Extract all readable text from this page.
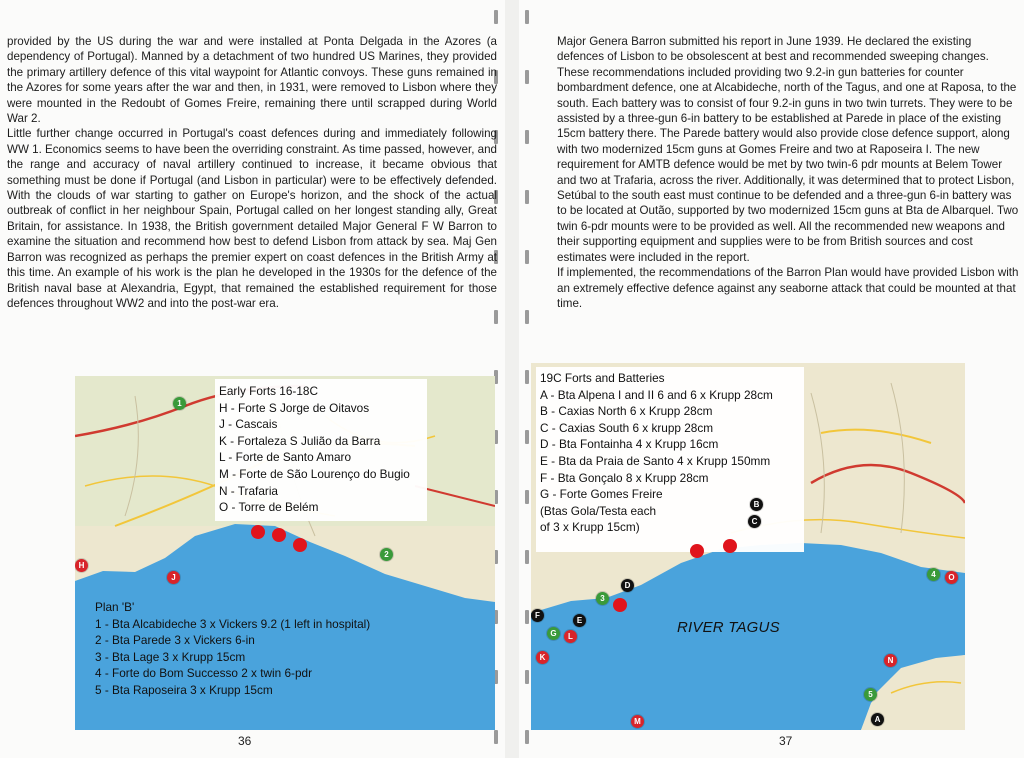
provided by the US during the war and were installed at Ponta Delgada in the Azores (a dependency of Portugal). Manned by a detachment of two hundred US Marines, they provided the primary artillery defence of this vital waypoint for Atlantic convoys. These guns remained in the Azores for some years after the war and then, in 1931, were removed to Lisbon where they were mounted in the Redoubt of Gomes Freire, remaining there until scrapped during World War 2.

Little further change occurred in Portugal's coast defences during and immediately following WW 1. Economics seems to have been the overriding constraint. As time passed, however, and the range and accuracy of naval artillery continued to increase, it became obvious that something must be done if Portugal (and Lisbon in particular) were to be effectively defended. With the clouds of war starting to gather on Europe's horizon, and the shock of the actual outbreak of conflict in her neighbour Spain, Portugal called on her longest standing ally, Great Britain, for assistance. In 1938, the British government detailed Major General F W Barron to examine the situation and recommend how best to defend Lisbon from attack by sea. Maj Gen Barron was recognized as perhaps the premier expert on coast defences in the British Army at this time. An example of his work is the plan he developed in the 1930s for the defence of the British naval base at Alexandria, Egypt, that remained the established requirement for those defences throughout WW2 and into the post-war era.

Early Forts 16-18C
H - Forte S Jorge de Oitavos
J - Cascais
K - Fortaleza S Julião da Barra
L - Forte de Santo Amaro
M - Forte de São Lourenço do Bugio
N - Trafaria
O - Torre de Belém
Plan 'B'
1 - Bta Alcabideche 3 x Vickers 9.2 (1 left in hospital)
2 - Bta Parede 3 x Vickers 6-in
3 - Bta Lage 3 x Krupp 15cm
4 - Forte do Bom Successo 2 x twin 6-pdr
5 - Bta Raposeira 3 x Krupp 15cm
1
2
H
J
36

Major Genera Barron submitted his report in June 1939. He declared the existing defences of Lisbon to be obsolescent at best and recommended sweeping changes. These recommendations included providing two 9.2-in gun batteries for counter bombardment defence, one at Alcabideche, north of the Tagus, and one at Raposa, to the south. Each battery was to consist of four 9.2-in guns in two twin turrets. They were to be assisted by a three-gun 6-in battery to be established at Parede in place of the existing 15cm battery there. The Parede battery would also provide close defence support, along with two modernized 15cm guns at Gomes Freire and two at Raposeira I. The new requirement for AMTB defence would be met by two twin-6 pdr mounts at Belem Tower and two at Trafaria, across the river. Additionally, it was determined that to protect Lisbon, Setúbal to the south east must continue to be defended and a three-gun 6-in battery was to be located at Outão, supported by two modernized 15cm guns at Bta de Albarquel. Two twin 6-pdr mounts were to be provided as well. All the recommended new weapons and their supporting equipment and supplies were to be from British sources and cost estimates were included in the report.

If implemented, the recommendations of the Barron Plan would have provided Lisbon with an extremely effective defence against any seaborne attack that could be mounted at that time.

19C Forts and Batteries
A - Bta Alpena I and II 6 and 6 x Krupp 28cm
B - Caxias North 6 x Krupp 28cm
C - Caxias South 6 x krupp 28cm
D - Bta Fontainha 4 x Krupp 16cm
E - Bta da Praia de Santo 4 x Krupp 150mm
F - Bta Gonçalo 8 x Krupp 28cm
G - Forte Gomes Freire
(Btas Gola/Testa each
of 3 x Krupp 15cm)
RIVER TAGUS
B
C
D
3
E
F
G	L
K
4	O
N
5
A
M
37
